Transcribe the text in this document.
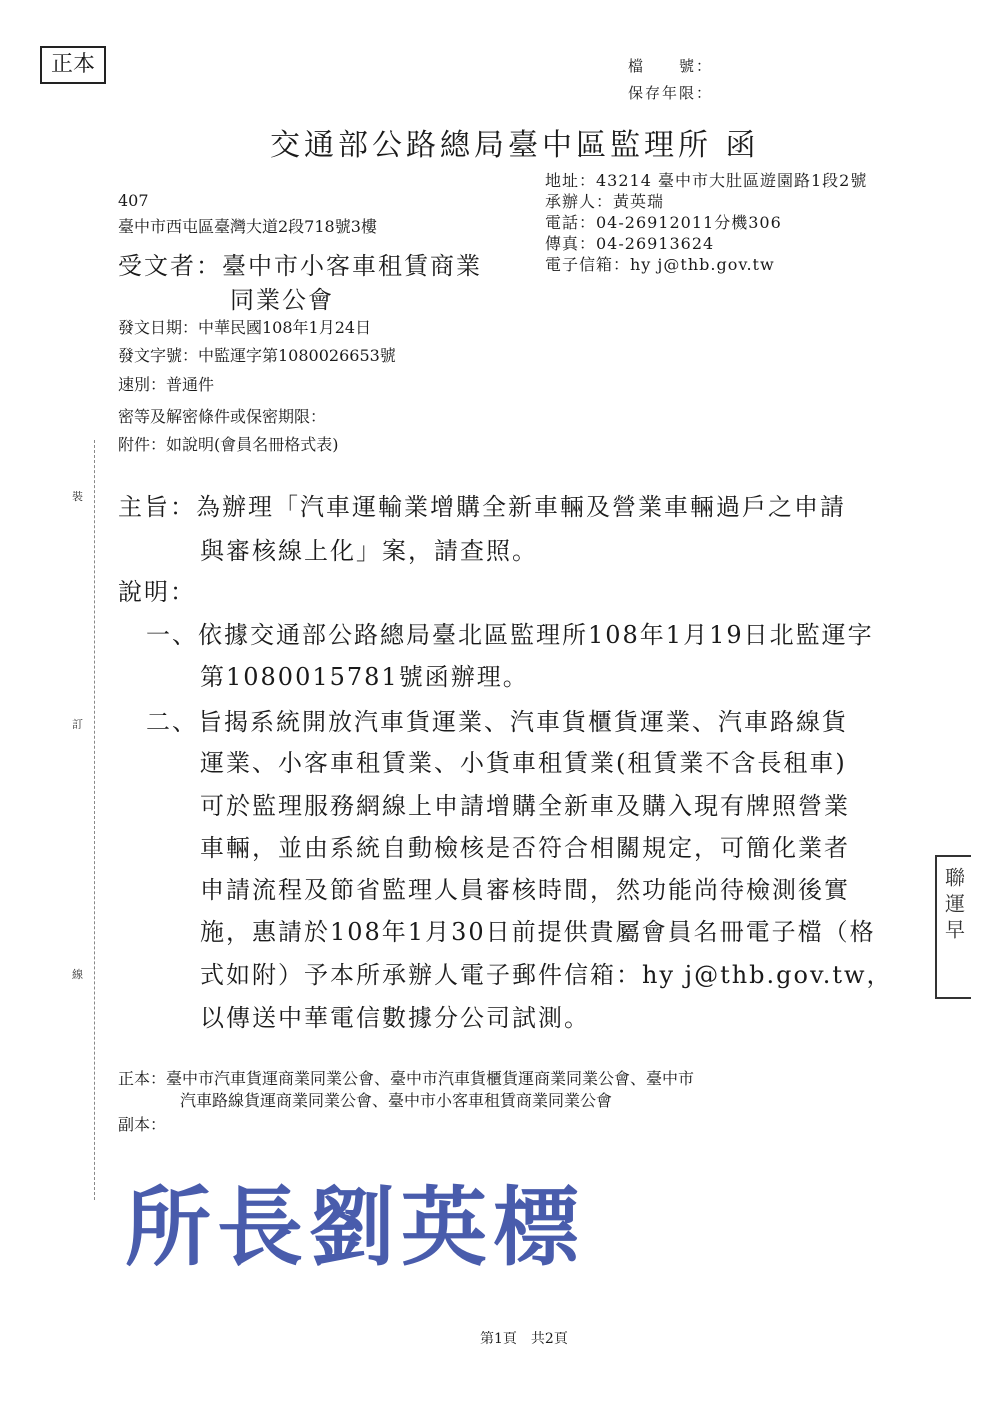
正本	檔　　號：
保存年限：
交通部公路總局臺中區監理所 函
地址：43214 臺中市大肚區遊園路1段2號
承辦人：黃英瑞
電話：04-26912011分機306
傳真：04-26913624
電子信箱：hy j@thb.gov.tw
407
臺中市西屯區臺灣大道2段718號3樓
受文者：臺中市小客車租賃商業
同業公會
發文日期：中華民國108年1月24日
發文字號：中監運字第1080026653號
速別：普通件
密等及解密條件或保密期限：
附件：如說明(會員名冊格式表)
裝
訂
線
主旨：為辦理「汽車運輸業增購全新車輛及營業車輛過戶之申請
與審核線上化」案，請查照。
說明：
一、依據交通部公路總局臺北區監理所108年1月19日北監運字
第1080015781號函辦理。
二、旨揭系統開放汽車貨運業、汽車貨櫃貨運業、汽車路線貨
運業、小客車租賃業、小貨車租賃業(租賃業不含長租車)
可於監理服務網線上申請增購全新車及購入現有牌照營業
車輛，並由系統自動檢核是否符合相關規定，可簡化業者
申請流程及節省監理人員審核時間，然功能尚待檢測後實
施，惠請於108年1月30日前提供貴屬會員名冊電子檔（格
式如附）予本所承辦人電子郵件信箱：hy j@thb.gov.tw，
以傳送中華電信數據分公司試測。
聯運早
正本：臺中市汽車貨運商業同業公會、臺中市汽車貨櫃貨運商業同業公會、臺中市
汽車路線貨運商業同業公會、臺中市小客車租賃商業同業公會
副本：
所長劉英標
第1頁　共2頁
